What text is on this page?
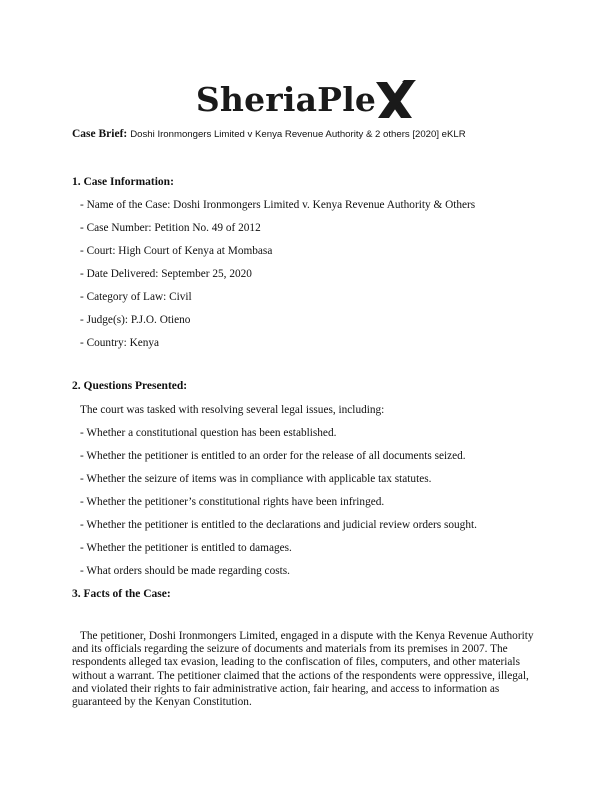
SheriaPle
Case Brief: Doshi Ironmongers Limited v Kenya Revenue Authority & 2 others [2020] eKLR
1. Case Information:
- Name of the Case: Doshi Ironmongers Limited v. Kenya Revenue Authority & Others
- Case Number: Petition No. 49 of 2012
- Court: High Court of Kenya at Mombasa
- Date Delivered: September 25, 2020
- Category of Law: Civil
- Judge(s): P.J.O. Otieno
- Country: Kenya
2. Questions Presented:
The court was tasked with resolving several legal issues, including:
- Whether a constitutional question has been established.
- Whether the petitioner is entitled to an order for the release of all documents seized.
- Whether the seizure of items was in compliance with applicable tax statutes.
- Whether the petitioner’s constitutional rights have been infringed.
- Whether the petitioner is entitled to the declarations and judicial review orders sought.
- Whether the petitioner is entitled to damages.
- What orders should be made regarding costs.
3. Facts of the Case:

The petitioner, Doshi Ironmongers Limited, engaged in a dispute with the Kenya Revenue Authority and its officials regarding the seizure of documents and materials from its premises in 2007. The respondents alleged tax evasion, leading to the confiscation of files, computers, and other materials without a warrant. The petitioner claimed that the actions of the respondents were oppressive, illegal, and violated their rights to fair administrative action, fair hearing, and access to information as guaranteed by the Kenyan Constitution.
